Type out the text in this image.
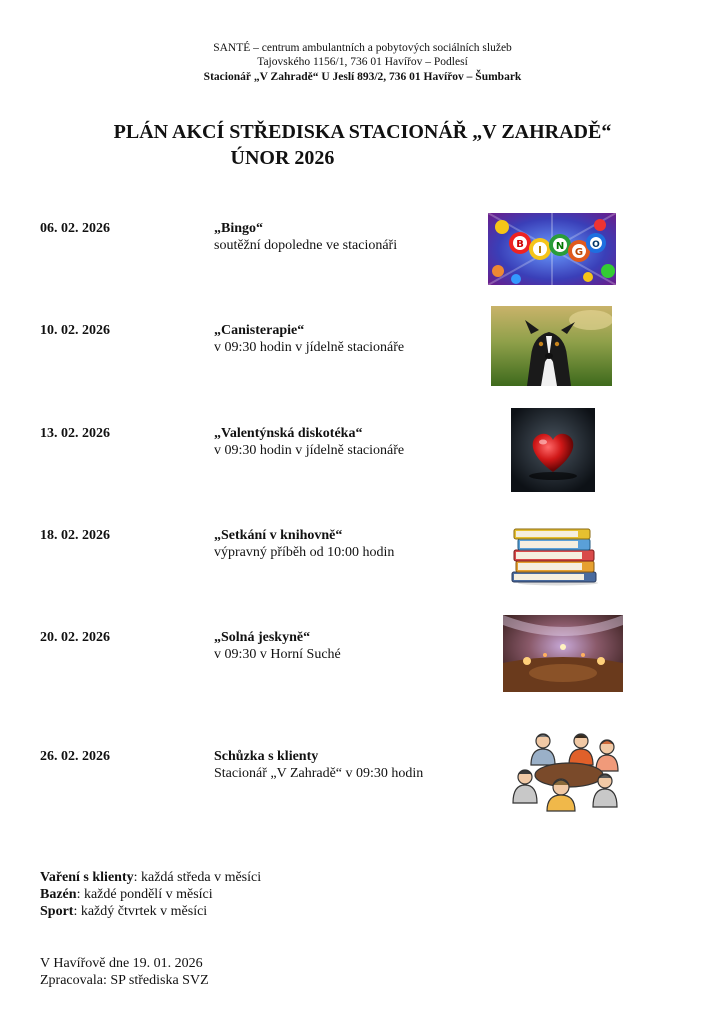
SANTÉ – centrum ambulantních a pobytových sociálních služeb
Tajovského 1156/1, 736 01 Havířov – Podlesí
Stacionář „V Zahradě“ U Jeslí 893/2, 736 01 Havířov – Šumbark
PLÁN AKCÍ STŘEDISKA STACIONÁŘ „V ZAHRADĚ“
ÚNOR 2026
06. 02. 2026	„Bingo“
soutěžní dopoledne ve stacionáři	B
I N
G
O
10. 02. 2026	„Canisterapie“
v 09:30 hodin v jídelně stacionáře
13. 02. 2026	„Valentýnská diskotéka“
v 09:30 hodin v jídelně stacionáře
18. 02. 2026	„Setkání v knihovně“
výpravný příběh od 10:00 hodin
20. 02. 2026	„Solná jeskyně“
v 09:30 v Horní Suché
26. 02. 2026	Schůzka s klienty
Stacionář „V Zahradě“ v 09:30 hodin
Vaření s klienty: každá středa v měsíci
Bazén: každé pondělí v měsíci
Sport: každý čtvrtek v měsíci
V Havířově dne 19. 01. 2026
Zpracovala: SP střediska SVZ
